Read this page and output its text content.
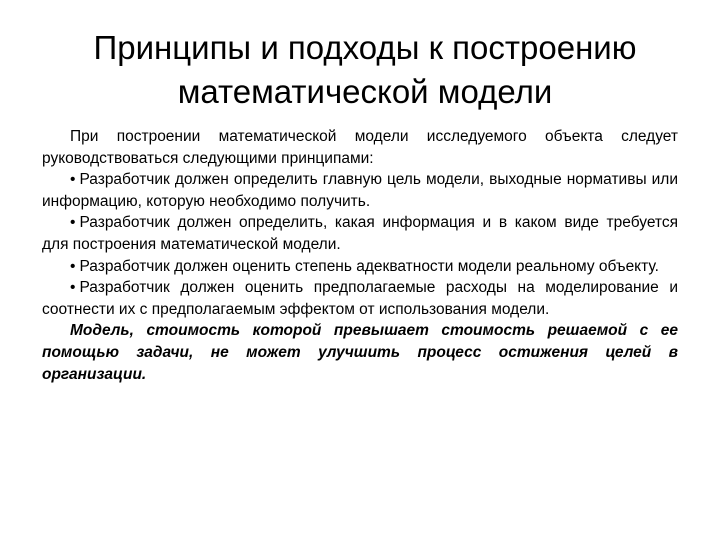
Принципы и подходы к построению
математической модели

При построении математической модели исследуемого объекта следует руководствоваться следующими принципами:

• Разработчик должен определить главную цель модели, выходные нормативы или информацию, которую необходимо получить.

• Разработчик должен определить, какая информация и в каком виде требуется для построения математической модели.

• Разработчик должен оценить степень адекватности модели реальному объекту.

• Разработчик должен оценить предполагаемые расходы на моделирование и соотнести их с предполагаемым эффектом от использования модели.

Модель, стоимость которой превышает стоимость решаемой с ее помощью задачи, не может улучшить процесс остижения целей в организации.
